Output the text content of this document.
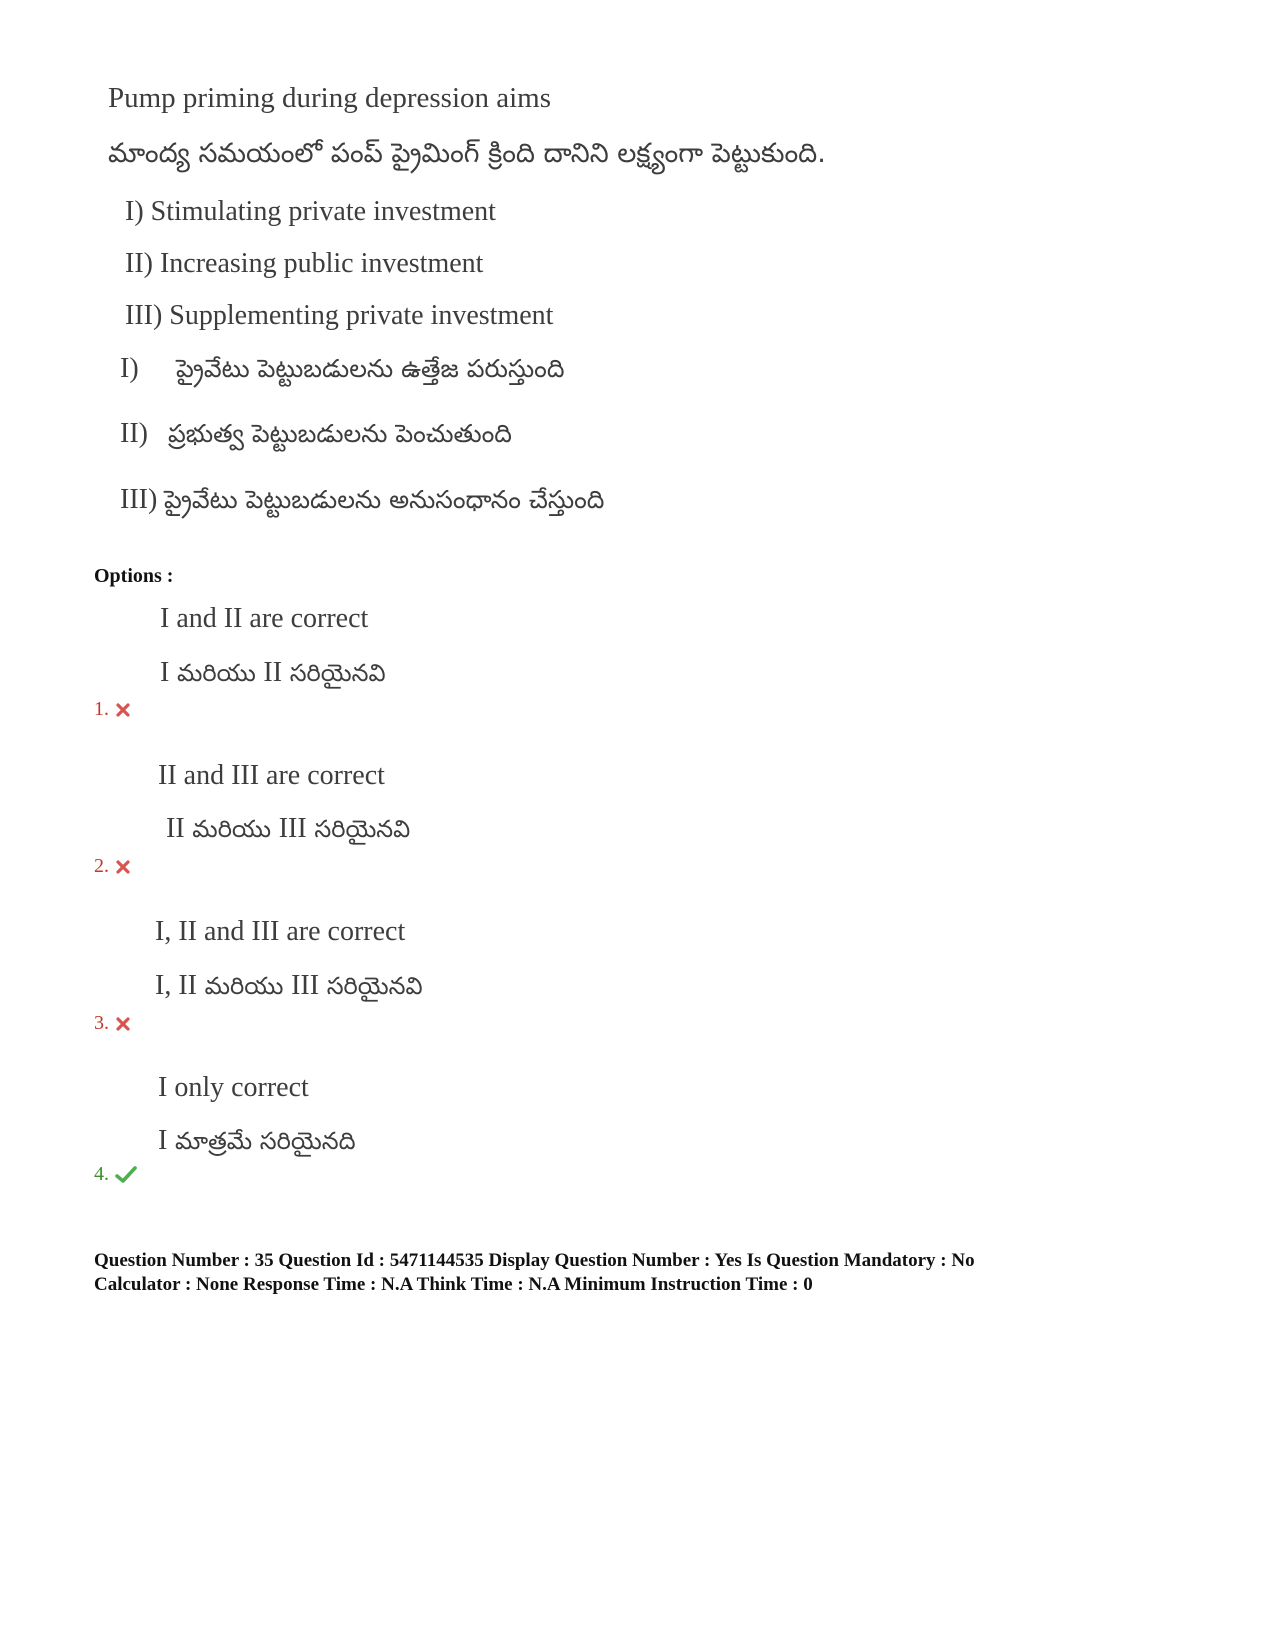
Pump priming during depression aims
మాంద్య సమయంలో పంప్ ప్రైమింగ్ క్రింది దానిని లక్ష్యంగా పెట్టుకుంది.
I) Stimulating private investment
II) Increasing public investment
III) Supplementing private investment
I) ప్రైవేటు పెట్టుబడులను ఉత్తేజ పరుస్తుంది
II) ప్రభుత్వ పెట్టుబడులను పెంచుతుంది
III) ప్రైవేటు పెట్టుబడులను అనుసంధానం చేస్తుంది
Options :
I and II are correct
I మరియు II సరియైనవి
1.
II and III are correct
II మరియు III సరియైనవి
2.
I, II and III are correct
I, II మరియు III సరియైనవి
3.
I only correct
I మాత్రమే సరియైనది
4.
Question Number : 35 Question Id : 5471144535 Display Question Number : Yes Is Question Mandatory : No
Calculator : None Response Time : N.A Think Time : N.A Minimum Instruction Time : 0
